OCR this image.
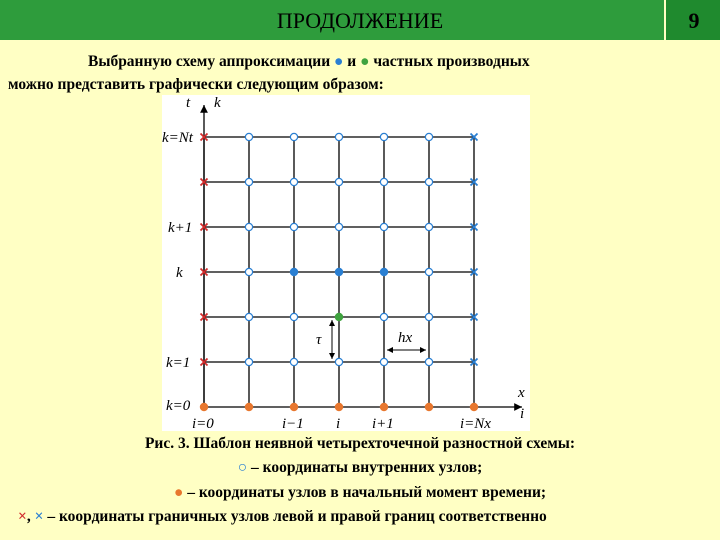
ПРОДОЛЖЕНИЕ	9
Выбранную схему аппроксимации ● и ● частных производных
можно представить графически следующим образом:
t k
x
i
k=Nt
k+1
k
k=1
k=0
i=0	i−1 i i+1	i=Nx
τ	hx
Рис. 3. Шаблон неявной четырехточечной разностной схемы:
○ – координаты внутренних узлов;
● – координаты узлов в начальный момент времени;
×, × – координаты граничных узлов левой и правой границ соответственно
